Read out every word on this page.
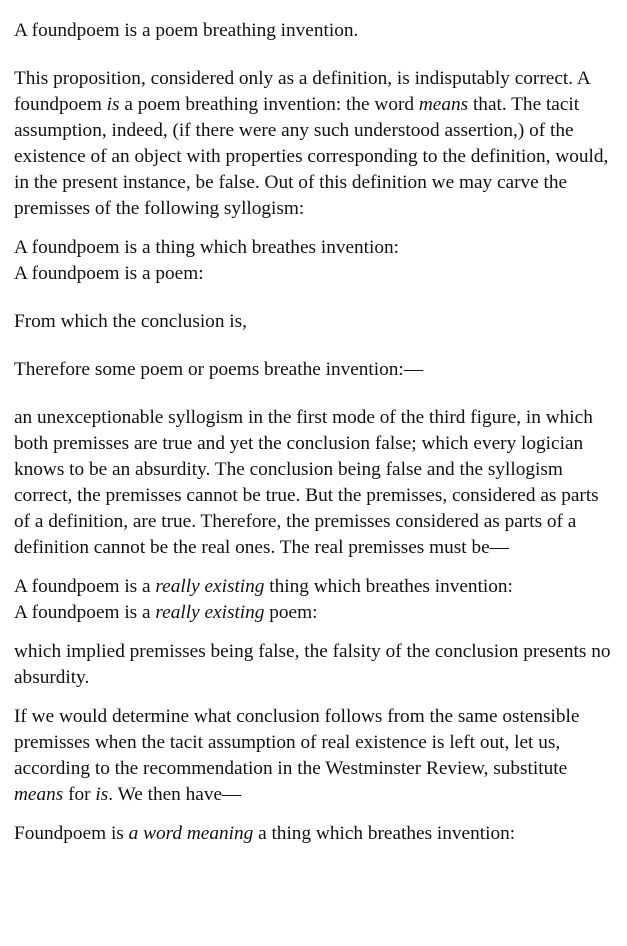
A foundpoem is a poem breathing invention.

This proposition, considered only as a definition, is indisputably correct. A foundpoem is a poem breathing invention: the word means that. The tacit assumption, indeed, (if there were any such understood assertion,) of the existence of an object with properties corresponding to the definition, would, in the present instance, be false. Out of this definition we may carve the premisses of the following syllogism:

A foundpoem is a thing which breathes invention:
A foundpoem is a poem:

From which the conclusion is,

Therefore some poem or poems breathe invention:—

an unexceptionable syllogism in the first mode of the third figure, in which both premisses are true and yet the conclusion false; which every logician knows to be an absurdity. The conclusion being false and the syllogism correct, the premisses cannot be true. But the premisses, considered as parts of a definition, are true. Therefore, the premisses considered as parts of a definition cannot be the real ones. The real premisses must be—

A foundpoem is a really existing thing which breathes invention:
A foundpoem is a really existing poem:

which implied premisses being false, the falsity of the conclusion presents no absurdity.

If we would determine what conclusion follows from the same ostensible premisses when the tacit assumption of real existence is left out, let us, according to the recommendation in the Westminster Review, substitute means for is. We then have—

Foundpoem is a word meaning a thing which breathes invention:
